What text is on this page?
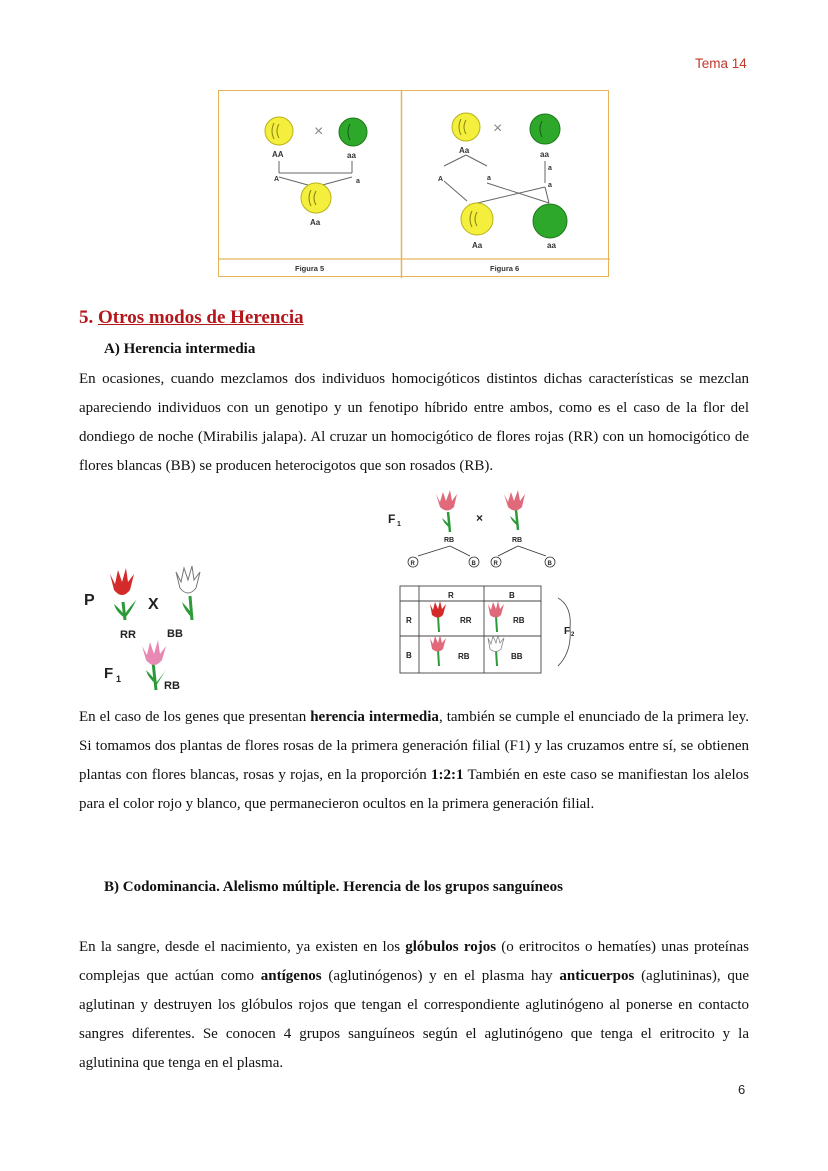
Tema 14
×
AA	aa
A	a
Aa
×
Aa	aa
A	a
a
a
Aa	aa
Figura 5	Figura 6
5. Otros modos de Herencia
A) Herencia intermedia
En ocasiones, cuando mezclamos dos individuos homocigóticos distintos dichas características se mezclan apareciendo individuos con un genotipo y un fenotipo híbrido entre ambos, como es el caso de la flor del dondiego de noche (Mirabilis jalapa). Al cruzar un homocigótico de flores rojas (RR) con un homocigótico de flores blancas (BB) se producen heterocigotos que son rosados (RB).
P
RR
X
BB
F 1
RB
F 1	×
RB	RB
R	B	R	B
R	B
R
B
RR	RB
RB	BB
F 2
En el caso de los genes que presentan herencia intermedia, también se cumple el enunciado de la primera ley. Si tomamos dos plantas de flores rosas de la primera generación filial (F1) y las cruzamos entre sí, se obtienen plantas con flores blancas, rosas y rojas, en la proporción 1:2:1 También en este caso se manifiestan los alelos para el color rojo y blanco, que permanecieron ocultos en la primera generación filial.
B) Codominancia. Alelismo múltiple. Herencia de los grupos sanguíneos
En la sangre, desde el nacimiento, ya existen en los glóbulos rojos (o eritrocitos o hematíes) unas proteínas complejas que actúan como antígenos (aglutinógenos) y en el plasma hay anticuerpos (aglutininas), que aglutinan y destruyen los glóbulos rojos que tengan el correspondiente aglutinógeno al ponerse en contacto sangres diferentes. Se conocen 4 grupos sanguíneos según el aglutinógeno que tenga el eritrocito y la aglutinina que tenga en el plasma.
6
